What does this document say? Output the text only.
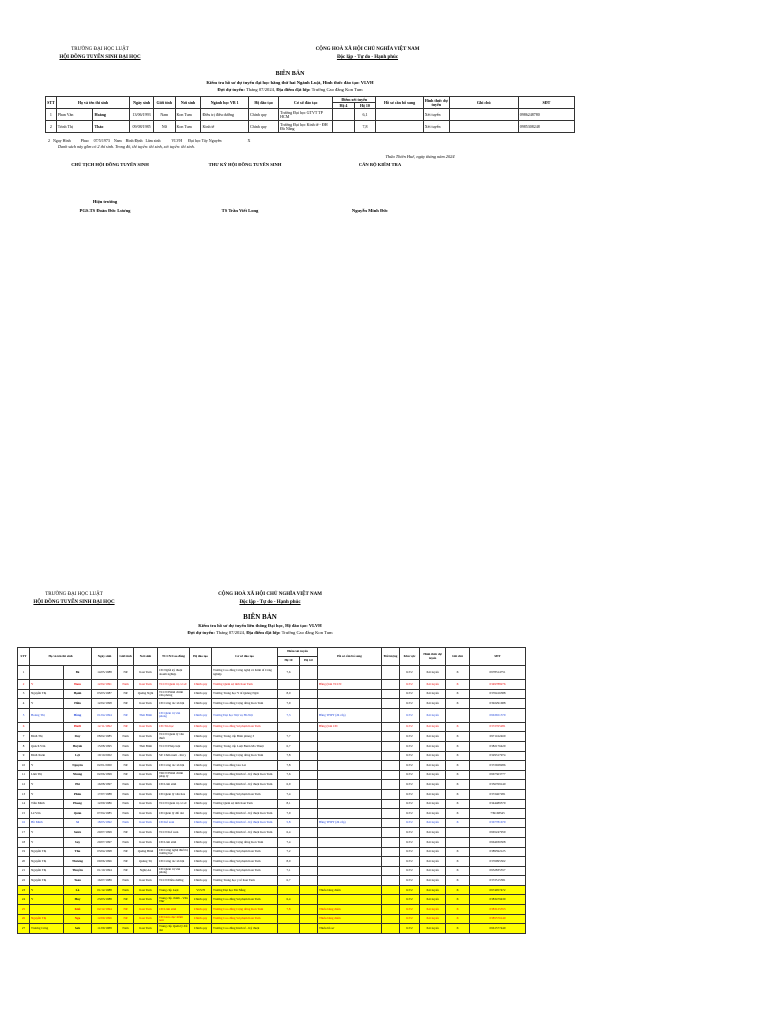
TRƯỜNG ĐẠI HỌC LUẬT
HỘI ĐỒNG TUYỂN SINH ĐẠI HỌC
CỘNG HOÀ XÃ HỘI CHỦ NGHĨA VIỆT NAM
Độc lập - Tự do - Hạnh phúc
BIÊN BẢN
Kiểm tra hồ sơ dự tuyển đại học bằng thứ hai Ngành Luật, Hình thức đào tạo: VLVH
Đợt dự tuyển: Tháng 07/2024, Địa điểm đặt lớp: Trường Cao đẳng Kon Tum
STT	Họ và tên thí sinh		Ngày sinh	Giới tính	Nơi sinh	Ngành học VB 1	Hệ đào tạo	Cơ sở đào tạo	Điểm xét tuyển		Hồ sơ cần bổ sung	Hình thức dự tuyển	Ghi chú	SĐT
									Hệ 4	Hệ 10				
1	Phan Văn	Hoàng	13/06/1993	Nam	Kon Tum	Điều trị điều dưỡng	Chính quy	Trường Đại học GTVT TP HCM		6,1		Xét tuyển		0986248780
2	Trình Thị	Thảo	09/08/1985	Nữ	Kon Tum	Kinh tế	Chính quy	Trường Đại học Kinh tế - ĐH Đà Nẵng		7,8		Xét tuyển		0985308248
2   Ngay Hinh          Phao     07/5/1973    Nam    Bình Định   Lâm sinh           VLVH      Đại học Tây Nguyên                          X
Danh sách này gồm có 2 thí sinh. Trong đó, thí tuyển: thí sinh, xét tuyển: thí sinh.
Thừa Thiên Huế, ngày tháng năm 2024
CHỦ TỊCH HỘI ĐỒNG TUYỂN SINH	THƯ KÝ HỘI ĐỒNG TUYỂN SINH	CÁN BỘ KIỂM TRA
Hiệu trưởng
PGS.TS Đoàn Đức Lương	TS Trần Viết Long	Nguyễn Minh Đức
TRƯỜNG ĐẠI HỌC LUẬT
HỘI ĐỒNG TUYỂN SINH ĐẠI HỌC
CỘNG HOÀ XÃ HỘI CHỦ NGHĨA VIỆT NAM
Độc lập - Tự do - Hạnh phúc
BIÊN BẢN
Kiểm tra hồ sơ dự tuyển liên thông Đại học, Hệ đào tạo: VLVH
Đợt dự tuyển: Tháng 07/2024, Địa điểm đặt lớp: Trường Cao đẳng Kon Tum
STT	Họ và tên thí sinh		Ngày sinh	Giới tính	Nơi sinh	TCCN/Cao đẳng	Hệ đào tạo	Cơ sở đào tạo	Điểm xét tuyển		Hồ sơ cần bổ sung	Đối tượng	Khu vực	Hình thức dự tuyển	Ghi chú	SĐT
									Hệ 10	Hệ 4.0						
1		Bé	14/05/1988	Nữ	Kon Tum	CĐ Nghề kỹ thuật doanh nghiệp		Trường Cao đẳng Công nghệ và Kinh tế Công nghiệp	7,6				KV2	Xét tuyển	X	0978314751
2	Y	Đam	12/02/1991	Nam	Kon Tum	TCCN Quản trị cơ sở	Chính quy	Trường Quân sự tỉnh Kon Tum			Bằng (bản TCCN		KV2	Xét tuyển	X	0349788276
3	Nguyễn Thị	Hạnh	03/03/1987	Nữ	Quảng Ngãi	TCCN Hành chính văn phòng	Chính quy	Trường Trung học Y tế Quảng Ngãi	8,0				KV2	Xét tuyển	X	0376416388
4	Y	Hiền	12/02/1998	Nữ	Kon Tum	CĐ Công tác xã hội	Chính quy	Trường Cao đẳng Cộng đồng Kon Tum	7,9				KV2	Xét tuyển	X	0392291688
5	Hoàng Thị	Hồng	01/04/1994	Nữ	Thái Bình	CĐ Quản trị văn phòng	Chính quy	Trường Đại học Nội vụ Hà Nội	7,3		Bằng THPT (đã cấp)		KV2	Xét tuyển		0963651379
6		Hưởi	12/11/1992	Nữ	Kon Tum	CĐ Tin học	Chính quy	Trường Cao đẳng Sư phạm Kon Tum			Bằng (bản CĐ		KV2	Xét tuyển	X	0372765281
7	Đinh Thị	Duy	08/02/1985	Nam	Kon Tum	TCCN Quản lý văn thiết	Chính quy	Trường Trung cấp Biên phòng 3	7,7				KV2	Xét tuyển	X	0971162469
8	Quách Văn	Huỳnh	15/08/1995	Nam	Thái Bình	TCCN Pháp luật	Chính quy	Trường Trung cấp Luật Buôn Ma Thuột	6,7				KV2	Xét tuyển	X	0382176429
9	Đinh Xuân	Lợi	19/10/2002	Nam	Kon Tum	SP. Chăn nuôi - thú y	Chính quy	Trường Cao đẳng Cộng đồng Kon Tum	7,8				KV2	Xét tuyển	X	0329317974
10	Y	Nguyên	02/01/2000	Nữ	Kon Tum	CĐ Công tác xã hội	Chính quy	Trường Cao đẳng Gia Lai	7,8				KV2	Xét tuyển	X	0372928286
11	Lâm Thị	Nhung	02/06/1999	Nữ	Kon Tum	TRCN Hành chính pháp lý	Chính quy	Trường Cao đẳng Kinh tế - Kỹ thuật Kon Tum	7,6				KV2	Xét tuyển	X	0967363777
12	Y	Phi	16/08/1997	Nam	Kon Tum	CĐ Lâm sinh	Chính quy	Trường Cao đẳng Kinh tế - Kỹ thuật Kon Tum	6,9				KV2	Xét tuyển	X	0356769140
13	Y	Phim	17/07/1988	Nam	Kon Tum	CĐ Quản lý văn hóa	Chính quy	Trường Cao đẳng Sư phạm Kon Tum	7,4				KV2	Xét tuyển	X	0372467281
14	Trần Minh	Phong	12/09/1986	Nam	Kon Tum	TCCN Quản trị cơ sở	Chính quy	Trường Quân sự tỉnh Kon Tum	8,1				KV2	Xét tuyển	X	0344489579
15	Lê Văn	Quân	07/04/1985	Nam	Kon Tum	CĐ Quản lý đất đai	Chính quy	Trường Cao đẳng Kinh tế - Kỹ thuật Kon Tum	7,9				KV2	Xét tuyển	X	739168345
16	Hồ Minh	Sĩ	18/05/1992	Nam	Kon Tum	CĐ Kế toán	Chính quy	Trường Cao đẳng Kinh tế - Kỹ thuật Kon Tum	5,8		Bằng THPT (đã cấp)		KV2	Xét tuyển	X	0367781679
17	Y	Sươn	20/07/1999	Nữ	Kon Tum	TCCN Kế toán	Chính quy	Trường Cao đẳng Kinh tế - Kỹ thuật Kon Tum	6,4				KV2	Xét tuyển		0965247959
18	Y	Suy	20/07/1997	Nam	Kon Tum	CĐ Lâm sinh	Chính quy	Trường Cao đẳng Cộng đồng Kon Tum	7,4				KV2	Xét tuyển		0964930308
19	Nguyễn Thị	Thu	03/04/1998	Nữ	Quảng Bình	CĐ Công nghệ thiết bị trường học	Chính quy	Trường Cao đẳng Sư phạm Kon Tum	7,2				KV2	Xét tuyển	X	0389592125
20	Nguyễn Thị	Thương	09/06/1996	Nữ	Quảng Trị	CĐ Công tác xã hội	Chính quy	Trường Cao đẳng Sư phạm Kon Tum	8,0				KV2	Xét tuyển	X	0376995302
21	Nguyễn Thị	Thuyền	01/10/1994	Nữ	Nghệ An	CĐ Quản trị văn phòng	Chính quy	Trường Cao đẳng Sư phạm Kon Tum	7,1				KV2	Xét tuyển	X	0932835557
22	Nguyễn Thị	Toàn	16/07/1989	Nam	Kon Tum	TCCN Điều dưỡng	Chính quy	Trường Trung học y tế Kon Tum	6,7				KV2	Xét tuyển	X	0372515581
23	Y	Lồ	01/12/1988	Nam	Kon Tum	Trung cấp Luật	VLVH	Trường Đại học Đà Nẵng			Thiếu bảng điểm		KV2	Xét tuyển	X	0974957472
24	Y	Huy	23/03/1988	Nữ	Kon Tum	Trung cấp chính - Văn Thư	Chính quy	Trường Cao đẳng Sư phạm Kon Tum	6,4				KV2	Xét tuyển	X	0383479439
25		Kiết	02/12/1994	Nữ	Kon Tum	CĐ Lâm sinh	Chính quy	Trường Cao đẳng Cộng đồng Kon Tum	7,8		Thiếu bảng điểm		KV2	Xét tuyển	X	0383125353
26	Nguyễn Thị	Nga	12/09/1996	Nữ	Kon Tum	CĐ Giáo dục mầm non	Chính quy	Trường Cao đẳng Sư phạm Kon Tum			Thiếu bảng điểm		KV2	Xét tuyển	X	0385576140
27	Trương Công	Sơn	11/09/1988	Nam	Kon Tum	Trung cấp Quản lý đất đai	Chính quy	Trường Cao đẳng Kinh tế - Kỹ thuật			Thiếu hồ sơ		KV2	Xét tuyển	X	0961577449
